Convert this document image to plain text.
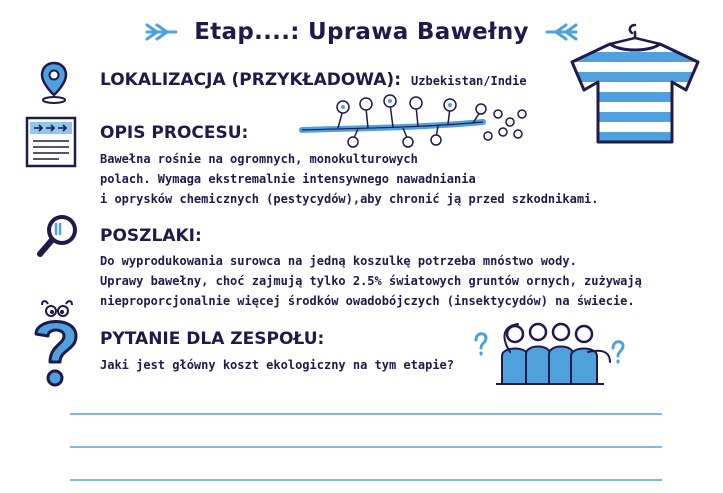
Etap....: Uprawa Bawełny
LOKALIZACJA (PRZYKŁADOWA): Uzbekistan/Indie
OPIS PROCESU:
Bawełna rośnie na ogromnych, monokulturowych
polach. Wymaga ekstremalnie intensywnego nawadniania
i oprysków chemicznych (pestycydów),aby chronić ją przed szkodnikami.
POSZLAKI:
Do wyprodukowania surowca na jedną koszulkę potrzeba mnóstwo wody.
Uprawy bawełny, choć zajmują tylko 2.5% światowych gruntów ornych, zużywają
nieproporcjonalnie więcej środków owadobójczych (insektycydów) na świecie.
PYTANIE DLA ZESPOŁU:
Jaki jest główny koszt ekologiczny na tym etapie?
